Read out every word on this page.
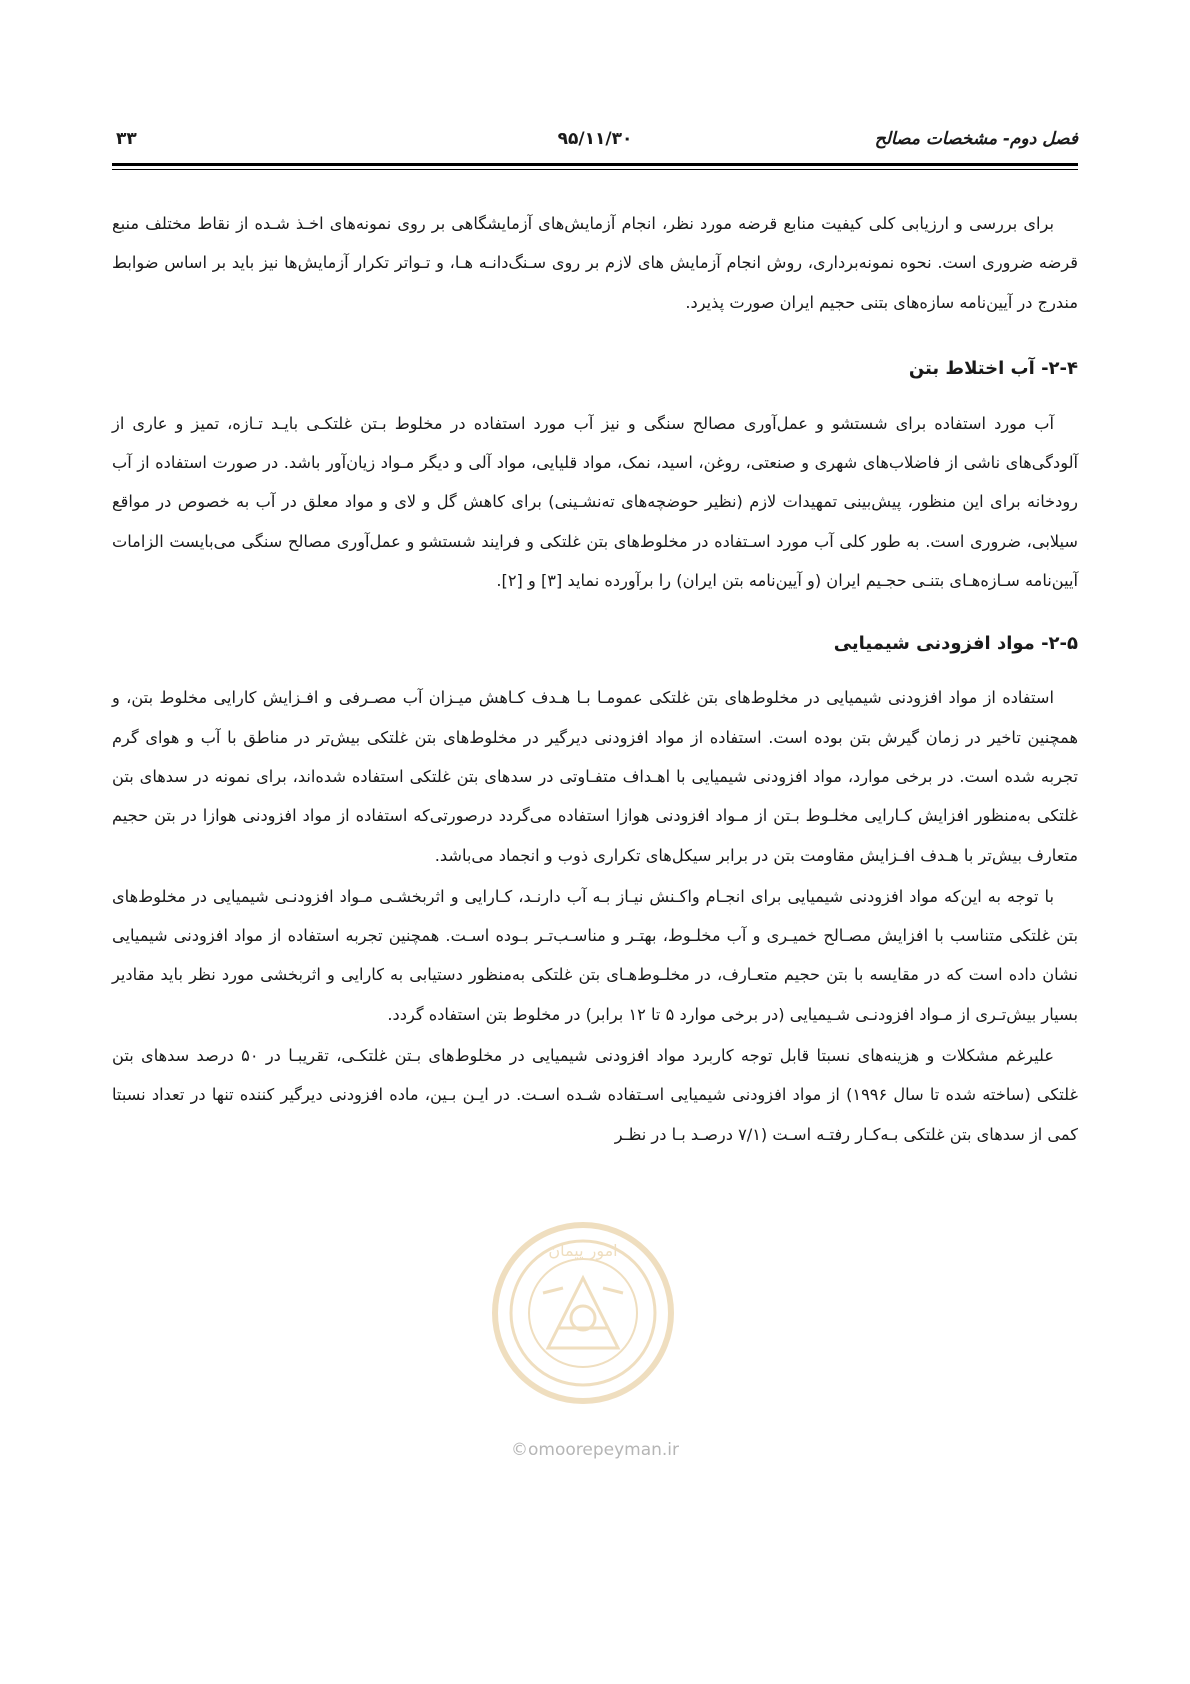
فصل دوم- مشخصات مصالح
۹۵/۱۱/۳۰
۳۳

برای بررسی و ارزیابی کلی کیفیت منابع قرضه مورد نظر، انجام آزمایش‌های آزمایشگاهی بر روی نمونه‌های اخـذ شـده از نقاط مختلف منبع قرضه ضروری است. نحوه نمونه‌برداری، روش انجام آزمایش های لازم بر روی سـنگ‌دانـه هـا، و تـواتر تکرار آزمایش‌ها نیز باید بر اساس ضوابط مندرج در آیین‌نامه سازه‌های بتنی حجیم ایران صورت پذیرد.

۲-۴- آب اختلاط بتن

آب مورد استفاده برای شستشو و عمل‌آوری مصالح سنگی و نیز آب مورد استفاده در مخلوط بـتن غلتکـی بایـد تـازه، تمیز و عاری از آلودگی‌های ناشی از فاضلاب‌های شهری و صنعتی، روغن، اسید، نمک، مواد قلیایی، مواد آلی و دیگر مـواد زیان‌آور باشد. در صورت استفاده از آب رودخانه برای این منظور، پیش‌بینی تمهیدات لازم (نظیر حوضچه‌های تەنشـینی) برای کاهش گل و لای و مواد معلق در آب به خصوص در مواقع سیلابی، ضروری است. به طور کلی آب مورد اسـتفاده در مخلوط‌های بتن غلتکی و فرایند شستشو و عمل‌آوری مصالح سنگی می‌بایست الزامات آیین‌نامه سـازه‌هـای بتنـی حجـیم ایران (و آیین‌نامه بتن ایران) را برآورده نماید [۳] و [۲].

۲-۵- مواد افزودنی شیمیایی

استفاده از مواد افزودنی شیمیایی در مخلوط‌های بتن غلتکی عمومـا بـا هـدف کـاهش میـزان آب مصـرفی و افـزایش کارایی مخلوط بتن، و همچنین تاخیر در زمان گیرش بتن بوده است. استفاده از مواد افزودنی دیرگیر در مخلوط‌های بتن غلتکی بیش‌تر در مناطق با آب و هوای گرم تجربه شده است. در برخی موارد، مواد افزودنی شیمیایی با اهـداف متفـاوتی در سدهای بتن غلتکی استفاده شده‌اند، برای نمونه در سدهای بتن غلتکی به‌منظور افزایش کـارایی مخلـوط بـتن از مـواد افزودنی هوازا استفاده می‌گردد درصورتی‌که استفاده از مواد افزودنی هوازا در بتن حجیم متعارف بیش‌تر با هـدف افـزایش مقاومت بتن در برابر سیکل‌های تکراری ذوب و انجماد می‌باشد.

با توجه به این‌که مواد افزودنی شیمیایی برای انجـام واکـنش نیـاز بـه آب دارنـد، کـارایی و اثربخشـی مـواد افزودنـی شیمیایی در مخلوط‌های بتن غلتکی متناسب با افزایش مصـالح خمیـری و آب مخلـوط، بهتـر و مناسـب‌تـر بـوده اسـت. همچنین تجربه استفاده از مواد افزودنی شیمیایی نشان داده است که در مقایسه با بتن حجیم متعـارف، در مخلـوط‌هـای بتن غلتکی به‌منظور دستیابی به کارایی و اثربخشی مورد نظر باید مقادیر بسیار بیش‌تـری از مـواد افزودنـی شـیمیایی (در برخی موارد ۵ تا ۱۲ برابر) در مخلوط بتن استفاده گردد.

علیرغم مشکلات و هزینه‌های نسبتا قابل توجه کاربرد مواد افزودنی شیمیایی در مخلوط‌های بـتن غلتکـی، تقریبـا در ۵۰ درصد سدهای بتن غلتکی (ساخته شده تا سال ۱۹۹۶) از مواد افزودنی شیمیایی اسـتفاده شـده اسـت. در ایـن بـین، ماده افزودنی دیرگیر کننده تنها در تعداد نسبتا کمی از سدهای بتن غلتکی بـه‌کـار رفتـه اسـت (۷/۱ درصـد بـا در نظـر

امور پیمان
©omoorepeyman.ir
